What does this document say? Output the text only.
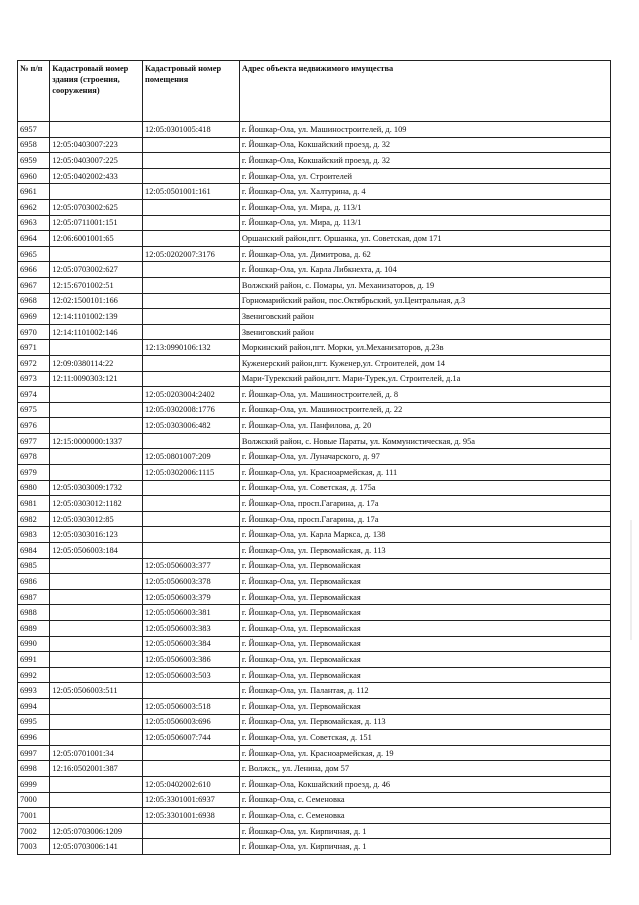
№ п/п	Кадастровый номер здания (строения, сооружения)	Кадастровый номер помещения	Адрес объекта недвижимого имущества
6957		12:05:0301005:418	г. Йошкар-Ола, ул. Машиностроителей, д. 109
6958	12:05:0403007:223		г. Йошкар-Ола, Кокшайский проезд, д. 32
6959	12:05:0403007:225		г. Йошкар-Ола, Кокшайский проезд, д. 32
6960	12:05:0402002:433		г. Йошкар-Ола, ул. Строителей
6961		12:05:0501001:161	г. Йошкар-Ола, ул. Халтурина, д. 4
6962	12:05:0703002:625		г. Йошкар-Ола, ул. Мира, д. 113/1
6963	12:05:0711001:151		г. Йошкар-Ола, ул. Мира, д. 113/1
6964	12:06:6001001:65		Оршанский район,пгт. Оршанка, ул. Советская, дом 171
6965		12:05:0202007:3176	г. Йошкар-Ола, ул. Димитрова, д. 62
6966	12:05:0703002:627		г. Йошкар-Ола, ул. Карла Либкнехта, д. 104
6967	12:15:6701002:51		Волжский район, с. Помары, ул. Механизаторов, д. 19
6968	12:02:1500101:166		Горномарийский район, пос.Октябрьский, ул.Центральная, д.3
6969	12:14:1101002:139		Звениговский район
6970	12:14:1101002:146		Звениговский район
6971		12:13:0990106:132	Моркинский район,пгт. Морки, ул.Механизаторов, д.23в
6972	12:09:0380114:22		Куженерский район,пгт. Куженер,ул. Строителей, дом 14
6973	12:11:0090303:121		Мари-Турекский район,пгт. Мари-Турек,ул. Строителей, д.1а
6974		12:05:0203004:2402	г. Йошкар-Ола, ул. Машиностроителей, д. 8
6975		12:05:0302008:1776	г. Йошкар-Ола, ул. Машиностроителей, д. 22
6976		12:05:0303006:482	г. Йошкар-Ола, ул. Панфилова, д. 20
6977	12:15:0000000:1337		Волжский район, с. Новые Параты, ул. Коммунистическая, д. 95а
6978		12:05:0801007:209	г. Йошкар-Ола, ул. Луначарского, д. 97
6979		12:05:0302006:1115	г. Йошкар-Ола, ул. Красноармейская, д. 111
6980	12:05:0303009:1732		г. Йошкар-Ола, ул. Советская, д. 175а
6981	12:05:0303012:1182		г. Йошкар-Ола, просп.Гагарина, д. 17а
6982	12:05:0303012:85		г. Йошкар-Ола, просп.Гагарина, д. 17а
6983	12:05:0303016:123		г. Йошкар-Ола, ул. Карла Маркса, д. 138
6984	12:05:0506003:184		г. Йошкар-Ола, ул. Первомайская, д. 113
6985		12:05:0506003:377	г. Йошкар-Ола, ул. Первомайская
6986		12:05:0506003:378	г. Йошкар-Ола, ул. Первомайская
6987		12:05:0506003:379	г. Йошкар-Ола, ул. Первомайская
6988		12:05:0506003:381	г. Йошкар-Ола, ул. Первомайская
6989		12:05:0506003:383	г. Йошкар-Ола, ул. Первомайская
6990		12:05:0506003:384	г. Йошкар-Ола, ул. Первомайская
6991		12:05:0506003:386	г. Йошкар-Ола, ул. Первомайская
6992		12:05:0506003:503	г. Йошкар-Ола, ул. Первомайская
6993	12:05:0506003:511		г. Йошкар-Ола, ул. Палантая, д. 112
6994		12:05:0506003:518	г. Йошкар-Ола, ул. Первомайская
6995		12:05:0506003:696	г. Йошкар-Ола, ул. Первомайская, д. 113
6996		12:05:0506007:744	г. Йошкар-Ола, ул. Советская, д. 151
6997	12:05:0701001:34		г. Йошкар-Ола, ул. Красноармейская, д. 19
6998	12:16:0502001:387		г. Волжск,, ул. Ленина, дом 57
6999		12:05:0402002:610	г. Йошкар-Ола, Кокшайский проезд, д. 46
7000		12:05:3301001:6937	г. Йошкар-Ола, с. Семеновка
7001		12:05:3301001:6938	г. Йошкар-Ола, с. Семеновка
7002	12:05:0703006:1209		г. Йошкар-Ола, ул. Кирпичная, д. 1
7003	12:05:0703006:141		г. Йошкар-Ола, ул. Кирпичная, д. 1
